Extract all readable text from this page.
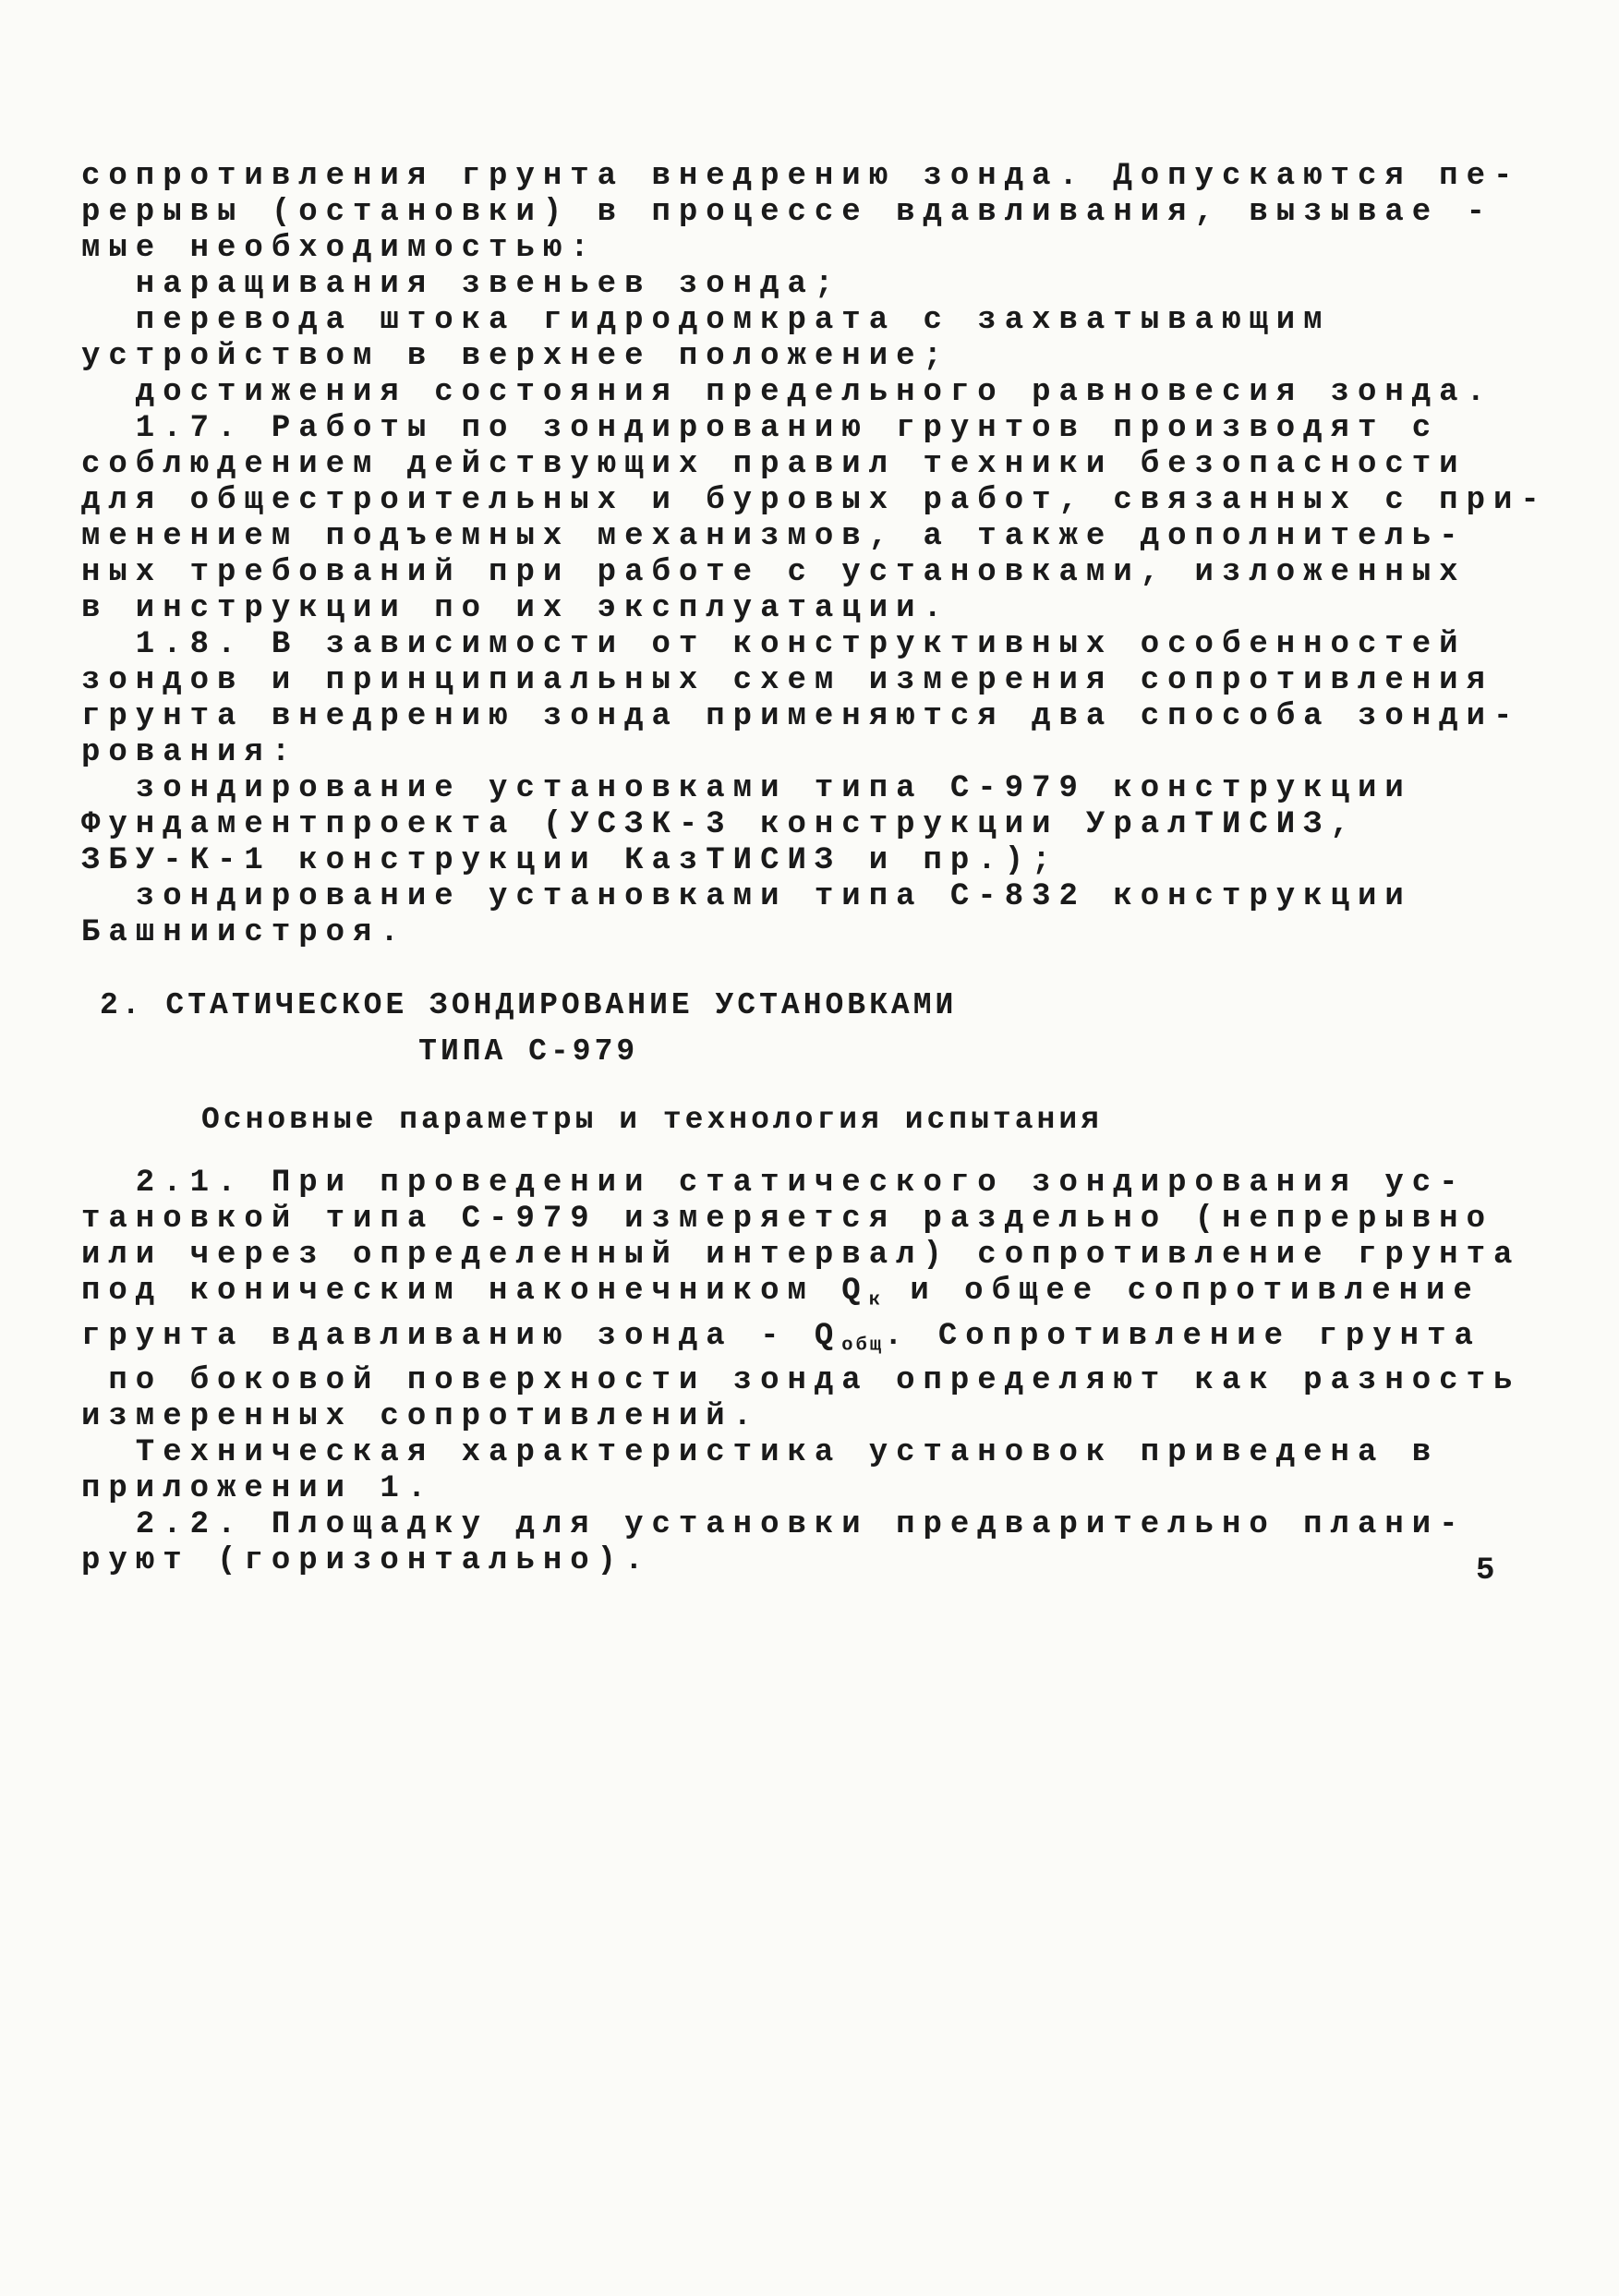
сопротивления грунта внедрению зонда. Допускаются пе-
рерывы (остановки) в процессе вдавливания, вызывае -
мые необходимостью:
наращивания звеньев зонда;
перевода штока гидродомкрата с захватывающим
устройством в верхнее положение;
достижения состояния предельного равновесия зонда.
1.7. Работы по зондированию грунтов производят с
соблюдением действующих правил техники безопасности
для общестроительных и буровых работ, связанных с при-
менением подъемных механизмов, а также дополнитель-
ных требований при работе с установками, изложенных
в инструкции по их эксплуатации.
1.8. В зависимости от конструктивных особенностей
зондов и принципиальных схем измерения сопротивления
грунта внедрению зонда применяются два способа зонди-
рования:
зондирование установками типа С-979 конструкции
Фундаментпроекта (УСЗК-3 конструкции УралТИСИЗ,
ЗБУ-К-1 конструкции КазТИСИЗ и пр.);
зондирование установками типа С-832 конструкции
Башниистроя.
2. СТАТИЧЕСКОЕ ЗОНДИРОВАНИЕ УСТАНОВКАМИ
ТИПА С-979
Основные параметры и технология испытания
2.1. При проведении статического зондирования ус-
тановкой типа С-979 измеряется раздельно (непрерывно
или через определенный интервал) сопротивление грунта
под коническим наконечником $Q_к$ и общее сопротивление
грунта вдавливанию зонда - $Q_{общ}$. Сопротивление грунта
по боковой поверхности зонда определяют как разность
измеренных сопротивлений.
Техническая характеристика установок приведена в
приложении 1.
2.2. Площадку для установки предварительно плани-
руют (горизонтально).	5
